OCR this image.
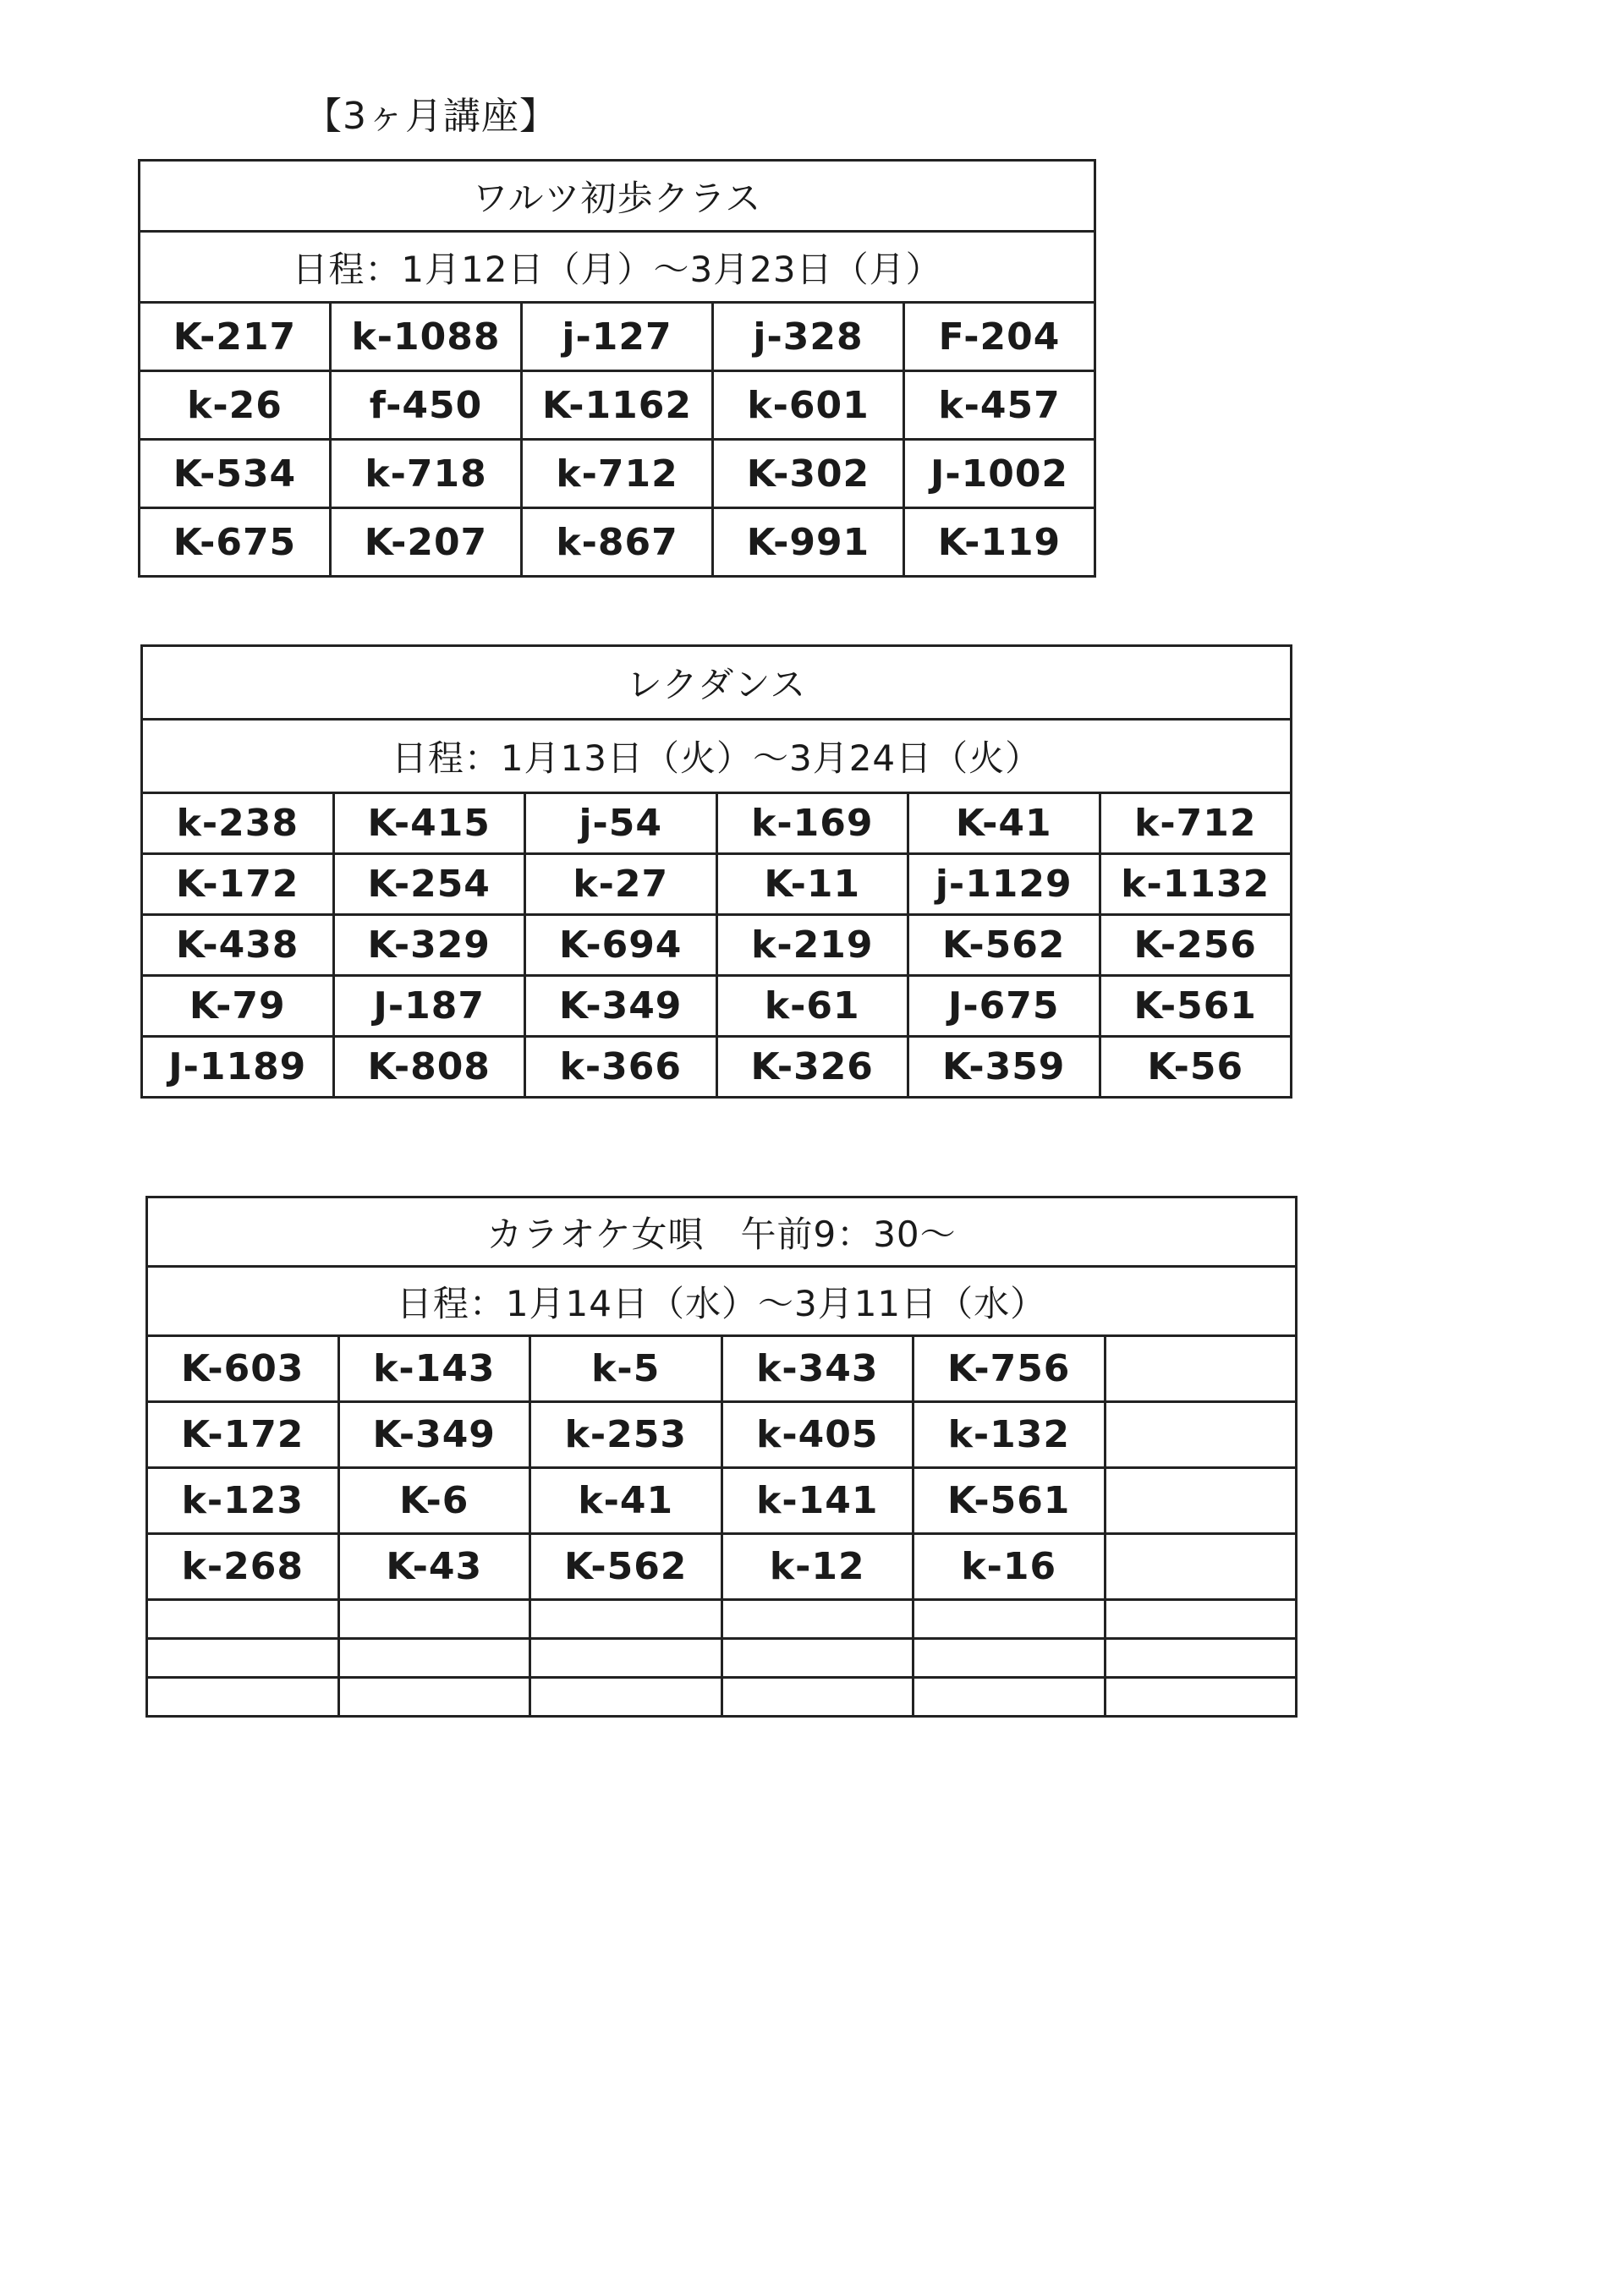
【3ヶ月講座】
ワルツ初歩クラス				
日程：1月12日（月）～3月23日（月）				
K-217	k-1088	j-127	j-328	F-204
k-26	f-450	K-1162	k-601	k-457
K-534	k-718	k-712	K-302	J-1002
K-675	K-207	k-867	K-991	K-119
レクダンス					
日程：1月13日（火）～3月24日（火）					
k-238	K-415	j-54	k-169	K-41	k-712
K-172	K-254	k-27	K-11	j-1129	k-1132
K-438	K-329	K-694	k-219	K-562	K-256
K-79	J-187	K-349	k-61	J-675	K-561
J-1189	K-808	k-366	K-326	K-359	K-56
カラオケ女唄　午前9：30～					
日程：1月14日（水）～3月11日（水）					
K-603	k-143	k-5	k-343	K-756	
K-172	K-349	k-253	k-405	k-132	
k-123	K-6	k-41	k-141	K-561	
k-268	K-43	K-562	k-12	k-16	
